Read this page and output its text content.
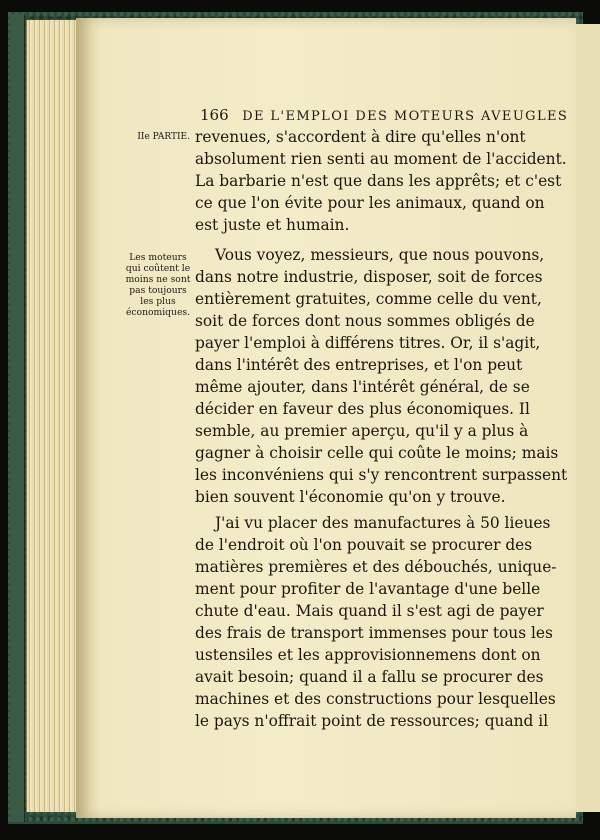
166 DE L'EMPLOI DES MOTEURS AVEUGLES
IIe PARTIE.
Les moteurs
qui coûtent le
moins ne sont
pas toujours
les plus
économiques.
revenues, s'accordent à dire qu'elles n'ont
absolument rien senti au moment de l'accident.
La barbarie n'est que dans les apprêts; et c'est
ce que l'on évite pour les animaux, quand on
est juste et humain.
Vous voyez, messieurs, que nous pouvons,
dans notre industrie, disposer, soit de forces
entièrement gratuites, comme celle du vent,
soit de forces dont nous sommes obligés de
payer l'emploi à différens titres. Or, il s'agit,
dans l'intérêt des entreprises, et l'on peut
même ajouter, dans l'intérêt général, de se
décider en faveur des plus économiques. Il
semble, au premier aperçu, qu'il y a plus à
gagner à choisir celle qui coûte le moins; mais
les inconvéniens qui s'y rencontrent surpassent
bien souvent l'économie qu'on y trouve.
J'ai vu placer des manufactures à 50 lieues
de l'endroit où l'on pouvait se procurer des
matières premières et des débouchés, unique-
ment pour profiter de l'avantage d'une belle
chute d'eau. Mais quand il s'est agi de payer
des frais de transport immenses pour tous les
ustensiles et les approvisionnemens dont on
avait besoin; quand il a fallu se procurer des
machines et des constructions pour lesquelles
le pays n'offrait point de ressources; quand il
